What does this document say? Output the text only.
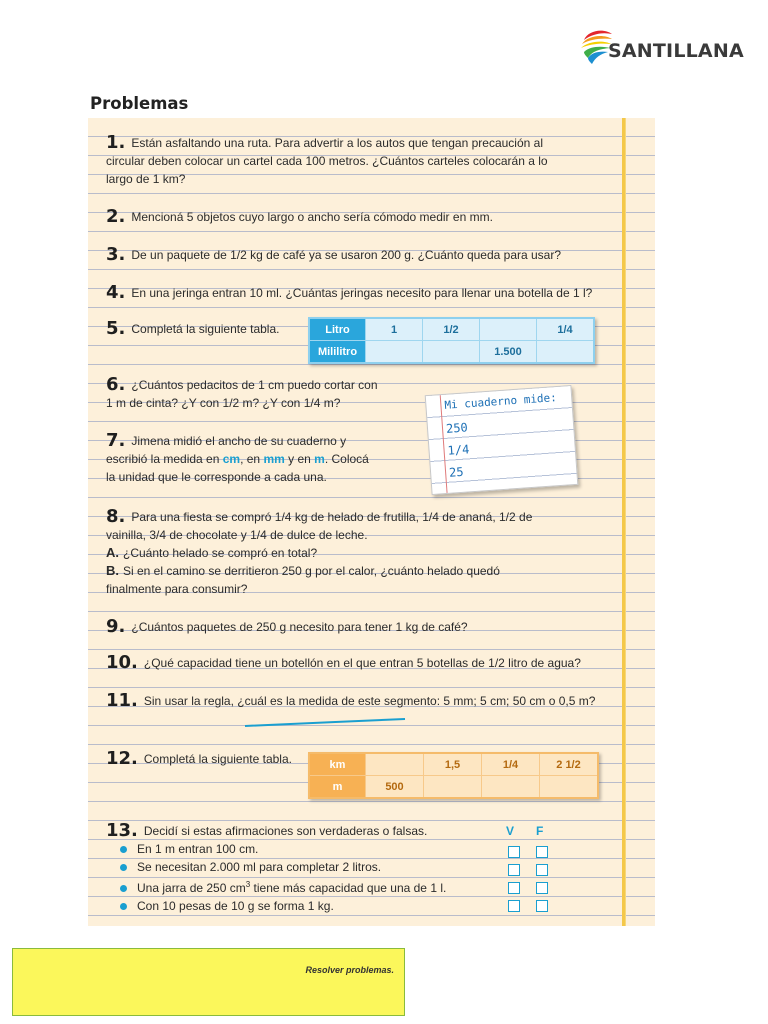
SANTILLANA
Problemas
1. Están asfaltando una ruta. Para advertir a los autos que tengan precaución al
circular deben colocar un cartel cada 100 metros. ¿Cuántos carteles colocarán a lo
largo de 1 km?
2. Mencioná 5 objetos cuyo largo o ancho sería cómodo medir en mm.
3. De un paquete de 1/2 kg de café ya se usaron 200 g. ¿Cuánto queda para usar?
4. En una jeringa entran 10 ml. ¿Cuántas jeringas necesito para llenar una botella de 1 l?
5. Completá la siguiente tabla.	Litro	1	1/2		1/4
Mililitro			1.500	
6. ¿Cuántos pedacitos de 1 cm puedo cortar con
1 m de cinta? ¿Y con 1/2 m? ¿Y con 1/4 m?
7. Jimena midió el ancho de su cuaderno y
escribió la medida en cm, en mm y en m. Colocá
la unidad que le corresponde a cada una.
Mi cuaderno mide:
250
1/4
25
8. Para una fiesta se compró 1/4 kg de helado de frutilla, 1/4 de ananá, 1/2 de
vainilla, 3/4 de chocolate y 1/4 de dulce de leche.
A. ¿Cuánto helado se compró en total?
B. Si en el camino se derritieron 250 g por el calor, ¿cuánto helado quedó
finalmente para consumir?
9. ¿Cuántos paquetes de 250 g necesito para tener 1 kg de café?
10. ¿Qué capacidad tiene un botellón en el que entran 5 botellas de 1/2 litro de agua?
11. Sin usar la regla, ¿cuál es la medida de este segmento: 5 mm; 5 cm; 50 cm o 0,5 m?
12. Completá la siguiente tabla.	km		1,5	1/4	2 1/2
m	500			
13. Decidí si estas afirmaciones son verdaderas o falsas.
En 1 m entran 100 cm.
Se necesitan 2.000 ml para completar 2 litros.
Una jarra de 250 $cm^3$ tiene más capacidad que una de 1 l.
Con 10 pesas de 10 g se forma 1 kg.
V F
Resolver problemas.
